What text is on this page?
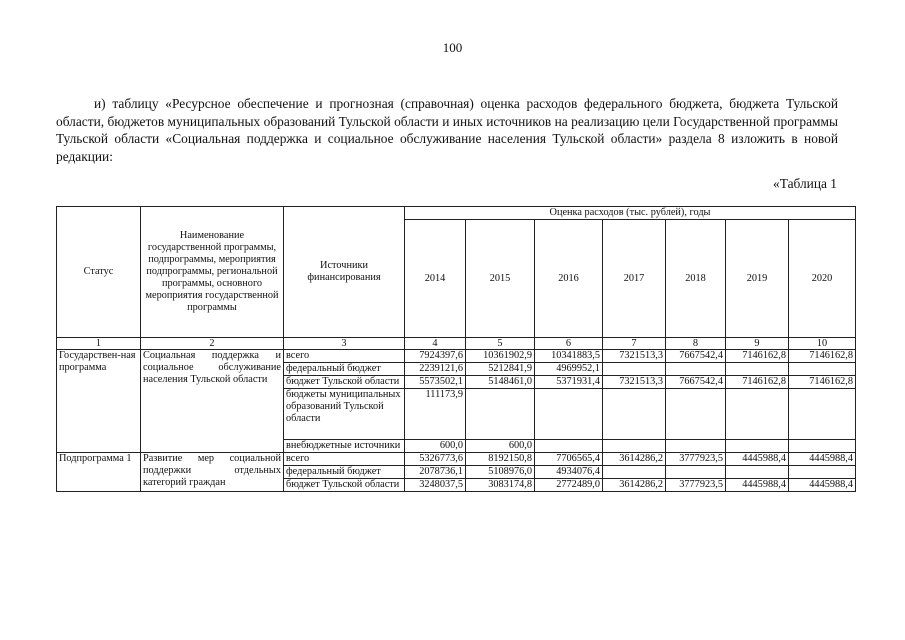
100

и) таблицу «Ресурсное обеспечение и прогнозная (справочная) оценка расходов федерального бюджета, бюджета Тульской области, бюджетов муниципальных образований Тульской области и иных источников на реализацию цели Государственной программы Тульской области «Социальная поддержка и социальное обслуживание населения Тульской области» раздела 8 изложить в новой редакции:

«Таблица 1
Статус	Наименование государственной программы, подпрограммы, мероприятия подпрограммы, региональной программы, основного мероприятия государственной программы	Источники финансирования	Оценка расходов (тыс. рублей), годы						
			2014	2015	2016	2017	2018	2019	2020
1	2	3	4	5	6	7	8	9	10
Государствен-ная программа	Социальная поддержка и социальное обслуживание населения Тульской области	всего	7924397,6	10361902,9	10341883,5	7321513,3	7667542,4	7146162,8	7146162,8
		федеральный бюджет	2239121,6	5212841,9	4969952,1				
		бюджет Тульской области	5573502,1	5148461,0	5371931,4	7321513,3	7667542,4	7146162,8	7146162,8
		бюджеты муниципальных образований Тульской области	111173,9						
		внебюджетные источники	600,0	600,0					
Подпрограмма 1	Развитие мер социальной поддержки отдельных категорий граждан	всего	5326773,6	8192150,8	7706565,4	3614286,2	3777923,5	4445988,4	4445988,4
		федеральный бюджет	2078736,1	5108976,0	4934076,4				
		бюджет Тульской области	3248037,5	3083174,8	2772489,0	3614286,2	3777923,5	4445988,4	4445988,4
